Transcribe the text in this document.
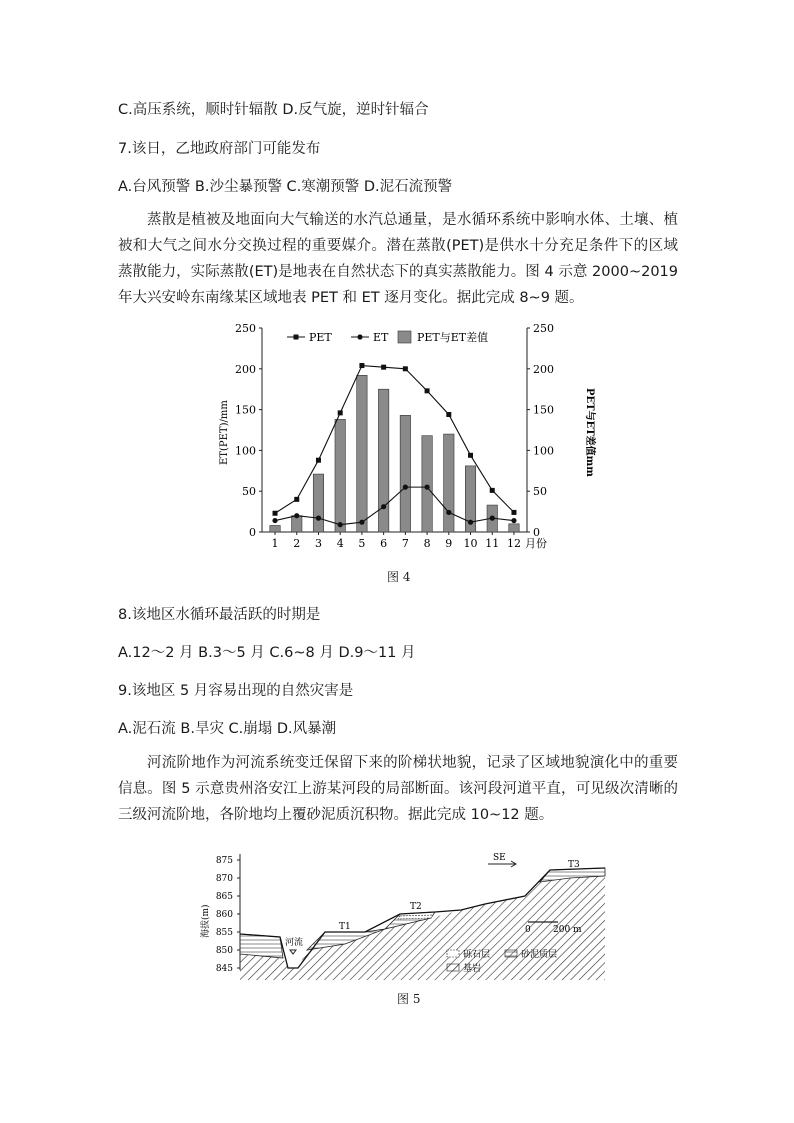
C.高压系统，顺时针辐散 D.反气旋，逆时针辐合
7.该日，乙地政府部门可能发布
A.台风预警 B.沙尘暴预警 C.寒潮预警 D.泥石流预警
蒸散是植被及地面向大气输送的水汽总通量，是水循环系统中影响水体、土壤、植被和大气之间水分交换过程的重要媒介。潜在蒸散(PET)是供水十分充足条件下的区域蒸散能力，实际蒸散(ET)是地表在自然状态下的真实蒸散能力。图 4 示意 2000~2019 年大兴安岭东南缘某区域地表 PET 和 ET 逐月变化。据此完成 8~9 题。
0	0
50	50
100	100
150	150
200	200
250	250
ET(PET)/mm	PET与ET差值mm
1 2 3 4 5 6 7 8 9 10 11 12 月份
PET	ET	PET与ET差值
图 4
8.该地区水循环最活跃的时期是
A.12～2 月 B.3～5 月 C.6~8 月 D.9～11 月
9.该地区 5 月容易出现的自然灾害是
A.泥石流 B.旱灾 C.崩塌 D.风暴潮
河流阶地作为河流系统变迁保留下来的阶梯状地貌，记录了区域地貌演化中的重要信息。图 5 示意贵州洛安江上游某河段的局部断面。该河段河道平直，可见级次清晰的三级河流阶地，各阶地均上覆砂泥质沉积物。据此完成 10~12 题。
875
870
865
860
855
850
845
海拔(m)
河流
T1
T2
T3
SE
0 200 m
砾石层	砂泥质层
基岩
图 5
